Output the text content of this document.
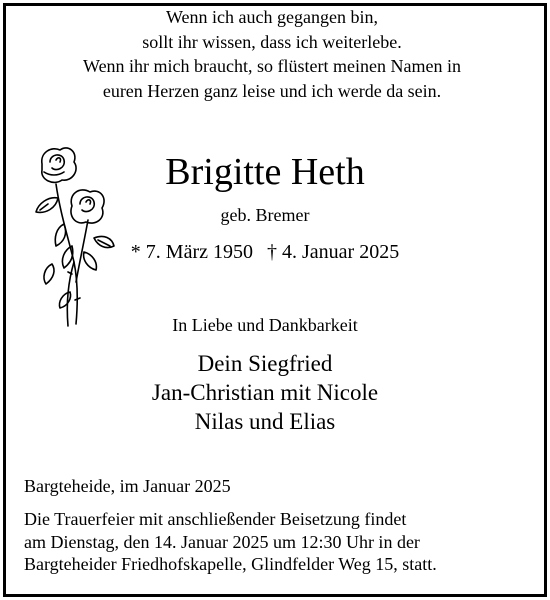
Wenn ich auch gegangen bin,
sollt ihr wissen, dass ich weiterlebe.
Wenn ihr mich braucht, so flüstert meinen Namen in
euren Herzen ganz leise und ich werde da sein.
Brigitte Heth
geb. Bremer
* 7. März 1950 † 4. Januar 2025
In Liebe und Dankbarkeit
Dein Siegfried
Jan-Christian mit Nicole
Nilas und Elias
Bargteheide, im Januar 2025
Die Trauerfeier mit anschließender Beisetzung findet
am Dienstag, den 14. Januar 2025 um 12:30 Uhr in der
Bargteheider Friedhofskapelle, Glindfelder Weg 15, statt.
